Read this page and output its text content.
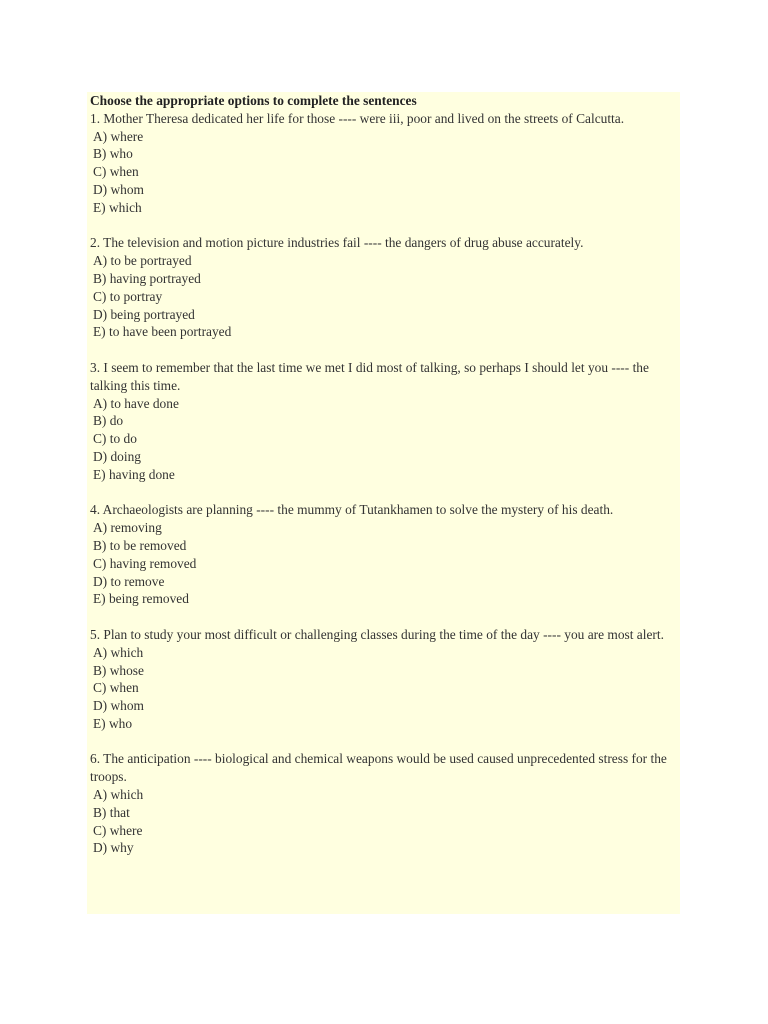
Choose the appropriate options to complete the sentences
1. Mother Theresa dedicated her life for those ---- were iii, poor and lived on the streets of Calcutta.
A) where
B) who
C) when
D) whom
E) which
2. The television and motion picture industries fail ---- the dangers of drug abuse accurately.
A) to be portrayed
B) having portrayed
C) to portray
D) being portrayed
E) to have been portrayed
3. I seem to remember that the last time we met I did most of talking, so perhaps I should let you ---- the talking this time.
A) to have done
B) do
C) to do
D) doing
E) having done
4. Archaeologists are planning ---- the mummy of Tutankhamen to solve the mystery of his death.
A) removing
B) to be removed
C) having removed
D) to remove
E) being removed
5. Plan to study your most difficult or challenging classes during the time of the day ---- you are most alert.
A) which
B) whose
C) when
D) whom
E) who
6. The anticipation ---- biological and chemical weapons would be used caused unprecedented stress for the troops.
A) which
B) that
C) where
D) why
